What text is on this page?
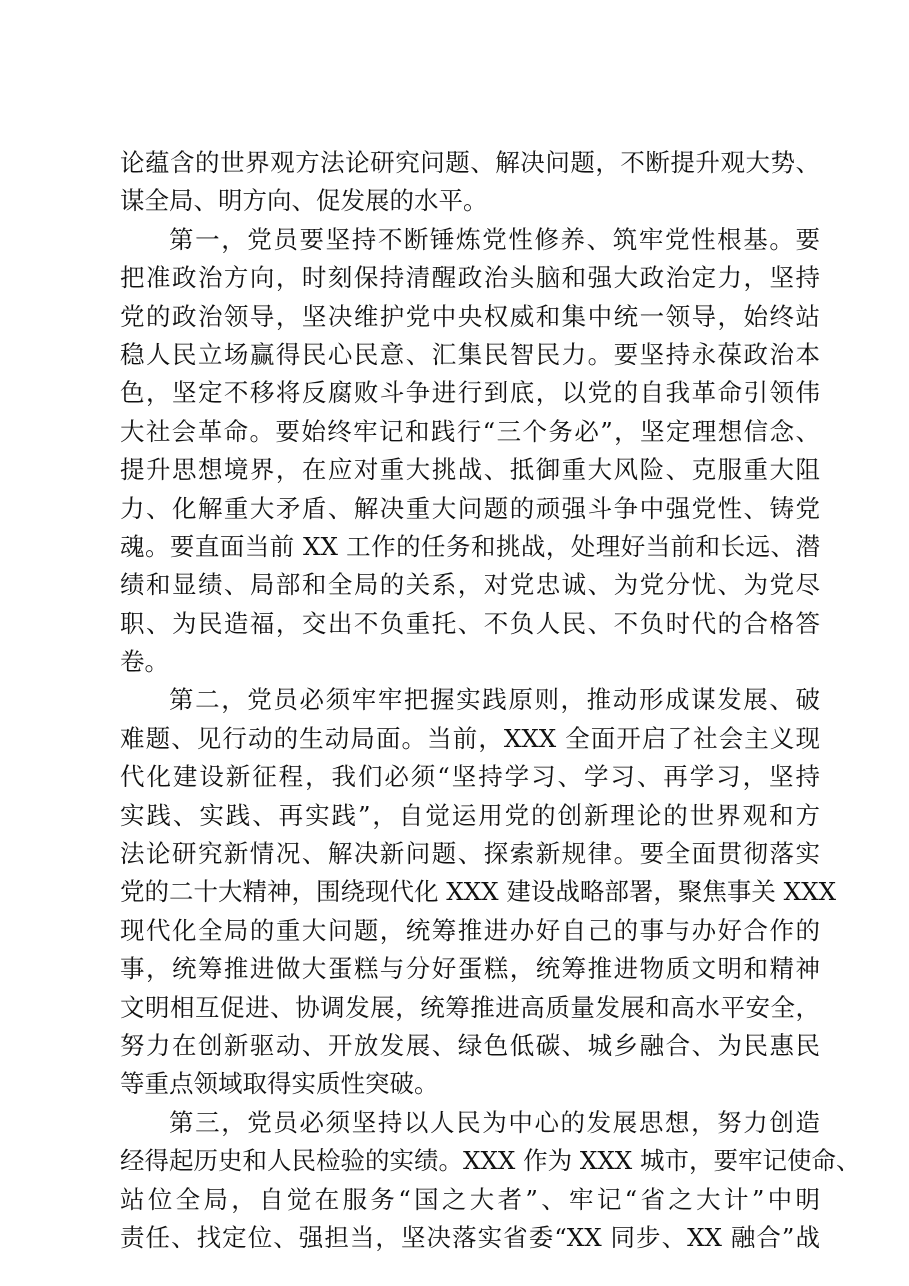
论蕴含的世界观方法论研究问题、解决问题，不断提升观大势、
谋全局、明方向、促发展的水平。
第一，党员要坚持不断锤炼党性修养、筑牢党性根基。要
把准政治方向，时刻保持清醒政治头脑和强大政治定力，坚持
党的政治领导，坚决维护党中央权威和集中统一领导，始终站
稳人民立场赢得民心民意、汇集民智民力。要坚持永葆政治本
色，坚定不移将反腐败斗争进行到底，以党的自我革命引领伟
大社会革命。要始终牢记和践行“三个务必”，坚定理想信念、
提升思想境界，在应对重大挑战、抵御重大风险、克服重大阻
力、化解重大矛盾、解决重大问题的顽强斗争中强党性、铸党
魂。要直面当前 XX 工作的任务和挑战，处理好当前和长远、潜
绩和显绩、局部和全局的关系，对党忠诚、为党分忧、为党尽
职、为民造福，交出不负重托、不负人民、不负时代的合格答
卷。
第二，党员必须牢牢把握实践原则，推动形成谋发展、破
难题、见行动的生动局面。当前，XXX 全面开启了社会主义现
代化建设新征程，我们必须“坚持学习、学习、再学习，坚持
实践、实践、再实践”，自觉运用党的创新理论的世界观和方
法论研究新情况、解决新问题、探索新规律。要全面贯彻落实
党的二十大精神，围绕现代化 XXX 建设战略部署，聚焦事关 XXX
现代化全局的重大问题，统筹推进办好自己的事与办好合作的
事，统筹推进做大蛋糕与分好蛋糕，统筹推进物质文明和精神
文明相互促进、协调发展，统筹推进高质量发展和高水平安全，
努力在创新驱动、开放发展、绿色低碳、城乡融合、为民惠民
等重点领域取得实质性突破。
第三，党员必须坚持以人民为中心的发展思想，努力创造
经得起历史和人民检验的实绩。XXX 作为 XXX 城市，要牢记使命、
站位全局，自觉在服务“国之大者”、牢记“省之大计”中明
责任、找定位、强担当，坚决落实省委“XX 同步、XX 融合”战
